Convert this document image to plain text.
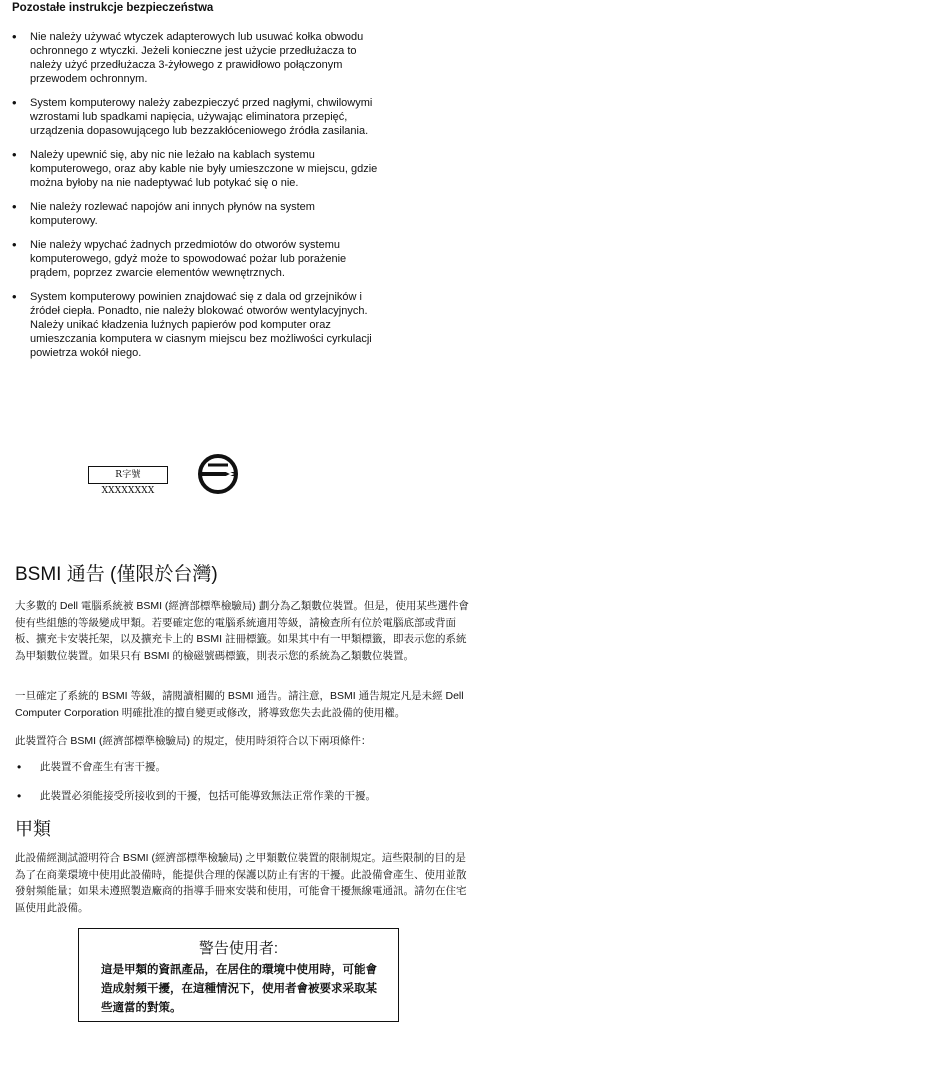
Pozostałe instrukcje bezpieczeństwa
• Nie należy używać wtyczek adapterowych lub usuwać kołka obwodu ochronnego z wtyczki. Jeżeli konieczne jest użycie przedłużacza to należy użyć przedłużacza 3-żyłowego z prawidłowo połączonym przewodem ochronnym.
• System komputerowy należy zabezpieczyć przed nagłymi, chwilowymi wzrostami lub spadkami napięcia, używając eliminatora przepięć, urządzenia dopasowującego lub bezzakłóceniowego źródła zasilania.
• Należy upewnić się, aby nic nie leżało na kablach systemu komputerowego, oraz aby kable nie były umieszczone w miejscu, gdzie można byłoby na nie nadeptywać lub potykać się o nie.
• Nie należy rozlewać napojów ani innych płynów na system komputerowy.
• Nie należy wpychać żadnych przedmiotów do otworów systemu komputerowego, gdyż może to spowodować pożar lub porażenie prądem, poprzez zwarcie elementów wewnętrznych.
• System komputerowy powinien znajdować się z dala od grzejników i źródeł ciepła. Ponadto, nie należy blokować otworów wentylacyjnych. Należy unikać kładzenia luźnych papierów pod komputer oraz umieszczania komputera w ciasnym miejscu bez możliwości cyrkulacji powietrza wokół niego.
R字號XXXXXXXX
BSMI 通告 (僅限於台灣)
大多數的 Dell 電腦系統被 BSMI (經濟部標準檢驗局) 劃分為乙類數位裝置。但是，使用某些選件會使有些組態的等級變成甲類。若要確定您的電腦系統適用等級，請檢查所有位於電腦底部或背面板、擴充卡安裝托架，以及擴充卡上的 BSMI 註冊標籤。如果其中有一甲類標籤，即表示您的系統為甲類數位裝置。如果只有 BSMI 的檢磁號碼標籤，則表示您的系統為乙類數位裝置。
一旦確定了系統的 BSMI 等級，請閱讀相關的 BSMI 通告。請注意，BSMI 通告規定凡是未經 Dell Computer Corporation 明確批准的擅自變更或修改，將導致您失去此設備的使用權。
此裝置符合 BSMI (經濟部標準檢驗局) 的規定，使用時須符合以下兩項條件：
• 此裝置不會產生有害干擾。
• 此裝置必須能接受所接收到的干擾，包括可能導致無法正常作業的干擾。
甲類
此設備經測試證明符合 BSMI (經濟部標準檢驗局) 之甲類數位裝置的限制規定。這些限制的目的是為了在商業環境中使用此設備時，能提供合理的保護以防止有害的干擾。此設備會產生、使用並散發射頻能量；如果未遵照製造廠商的指導手冊來安裝和使用，可能會干擾無線電通訊。請勿在住宅區使用此設備。
警告使用者:
這是甲類的資訊產品，在居住的環境中使用時，可能會造成射頻干擾，在這種情況下，使用者會被要求采取某些適當的對策。
